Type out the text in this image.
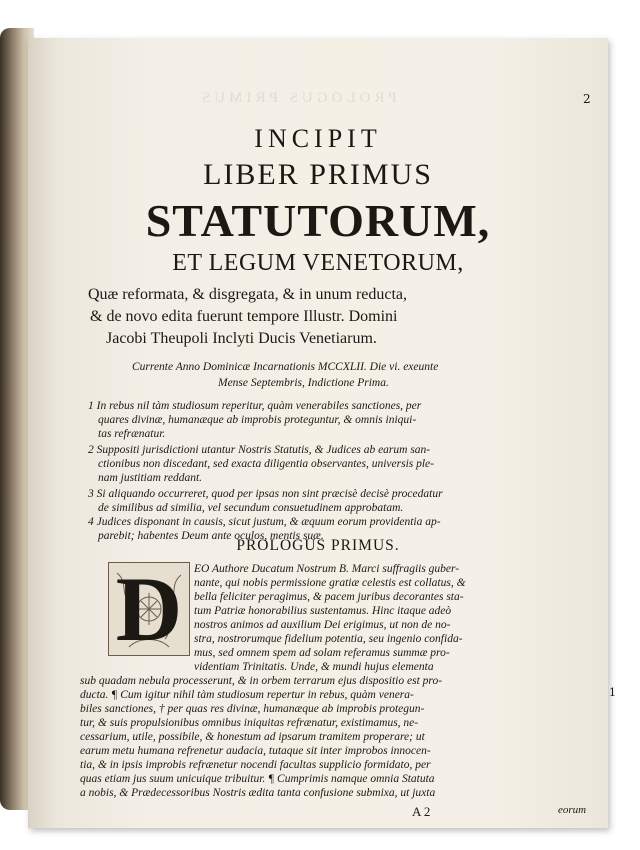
PROLOGUS PRIMUS	2
INCIPIT
LIBER PRIMUS
STATUTORUM,
ET LEGUM VENETORUM,
Quæ reformata, & disgregata, & in unum reducta,
& de novo edita fuerunt tempore Illustr. Domini
Jacobi Theupoli Inclyti Ducis Venetiarum.
Currente Anno Dominicæ Incarnationis MCCXLII. Die vi. exeunte
Mense Septembris, Indictione Prima.
1 In rebus nil tàm studiosum reperitur, quàm venerabiles sanctiones, per
quares divinæ, humanæque ab improbis proteguntur, & omnis iniqui-
tas refrænatur.
2 Suppositi jurisdictioni utantur Nostris Statutis, & Judices ab earum san-
ctionibus non discedant, sed exacta diligentia observantes, universis ple-
nam justitiam reddant.
3 Si aliquando occurreret, quod per ipsas non sint præcisè decisè procedatur
de similibus ad similia, vel secundum consuetudinem approbatam.
4 Judices disponant in causis, sicut justum, & æquum eorum providentia ap-
parebit; habentes Deum ante oculos, mentis suæ.
PROLOGUS PRIMUS.
D	EO Authore Ducatum Nostrum B. Marci suffragiis guber-
nante, qui nobis permissione gratiæ celestis est collatus, &
bella feliciter peragimus, & pacem juribus decorantes sta-
tum Patriæ honorabilius sustentamus. Hinc itaque adeò
nostros animos ad auxilium Dei erigimus, ut non de no-
stra, nostrorumque fidelium potentia, seu ingenio confida-
mus, sed omnem spem ad solam referamus summæ pro-
videntiam Trinitatis. Unde, & mundi hujus elementa
sub quadam nebula processerunt, & in orbem terrarum ejus dispositio est pro-
ducta. ¶ Cum igitur nihil tàm studiosum repertur in rebus, quàm venera-
biles sanctiones, † per quas res divinæ, humanæque ab improbis protegun-
tur, & suis propulsionibus omnibus iniquitas refrænatur, existimamus, ne-
cessarium, utile, possibile, & honestum ad ipsarum tramitem properare; ut
earum metu humana refrenetur audacia, tutaque sit inter improbos innocen-
tia, & in ipsis improbis refrænetur nocendi facultas supplicio formidato, per
quas etiam jus suum unicuique tribuitur. ¶ Cumprimis namque omnia Statuta
a nobis, & Prædecessoribus Nostris ædita tanta confusione submixa, ut juxta
1
A 2	eorum
